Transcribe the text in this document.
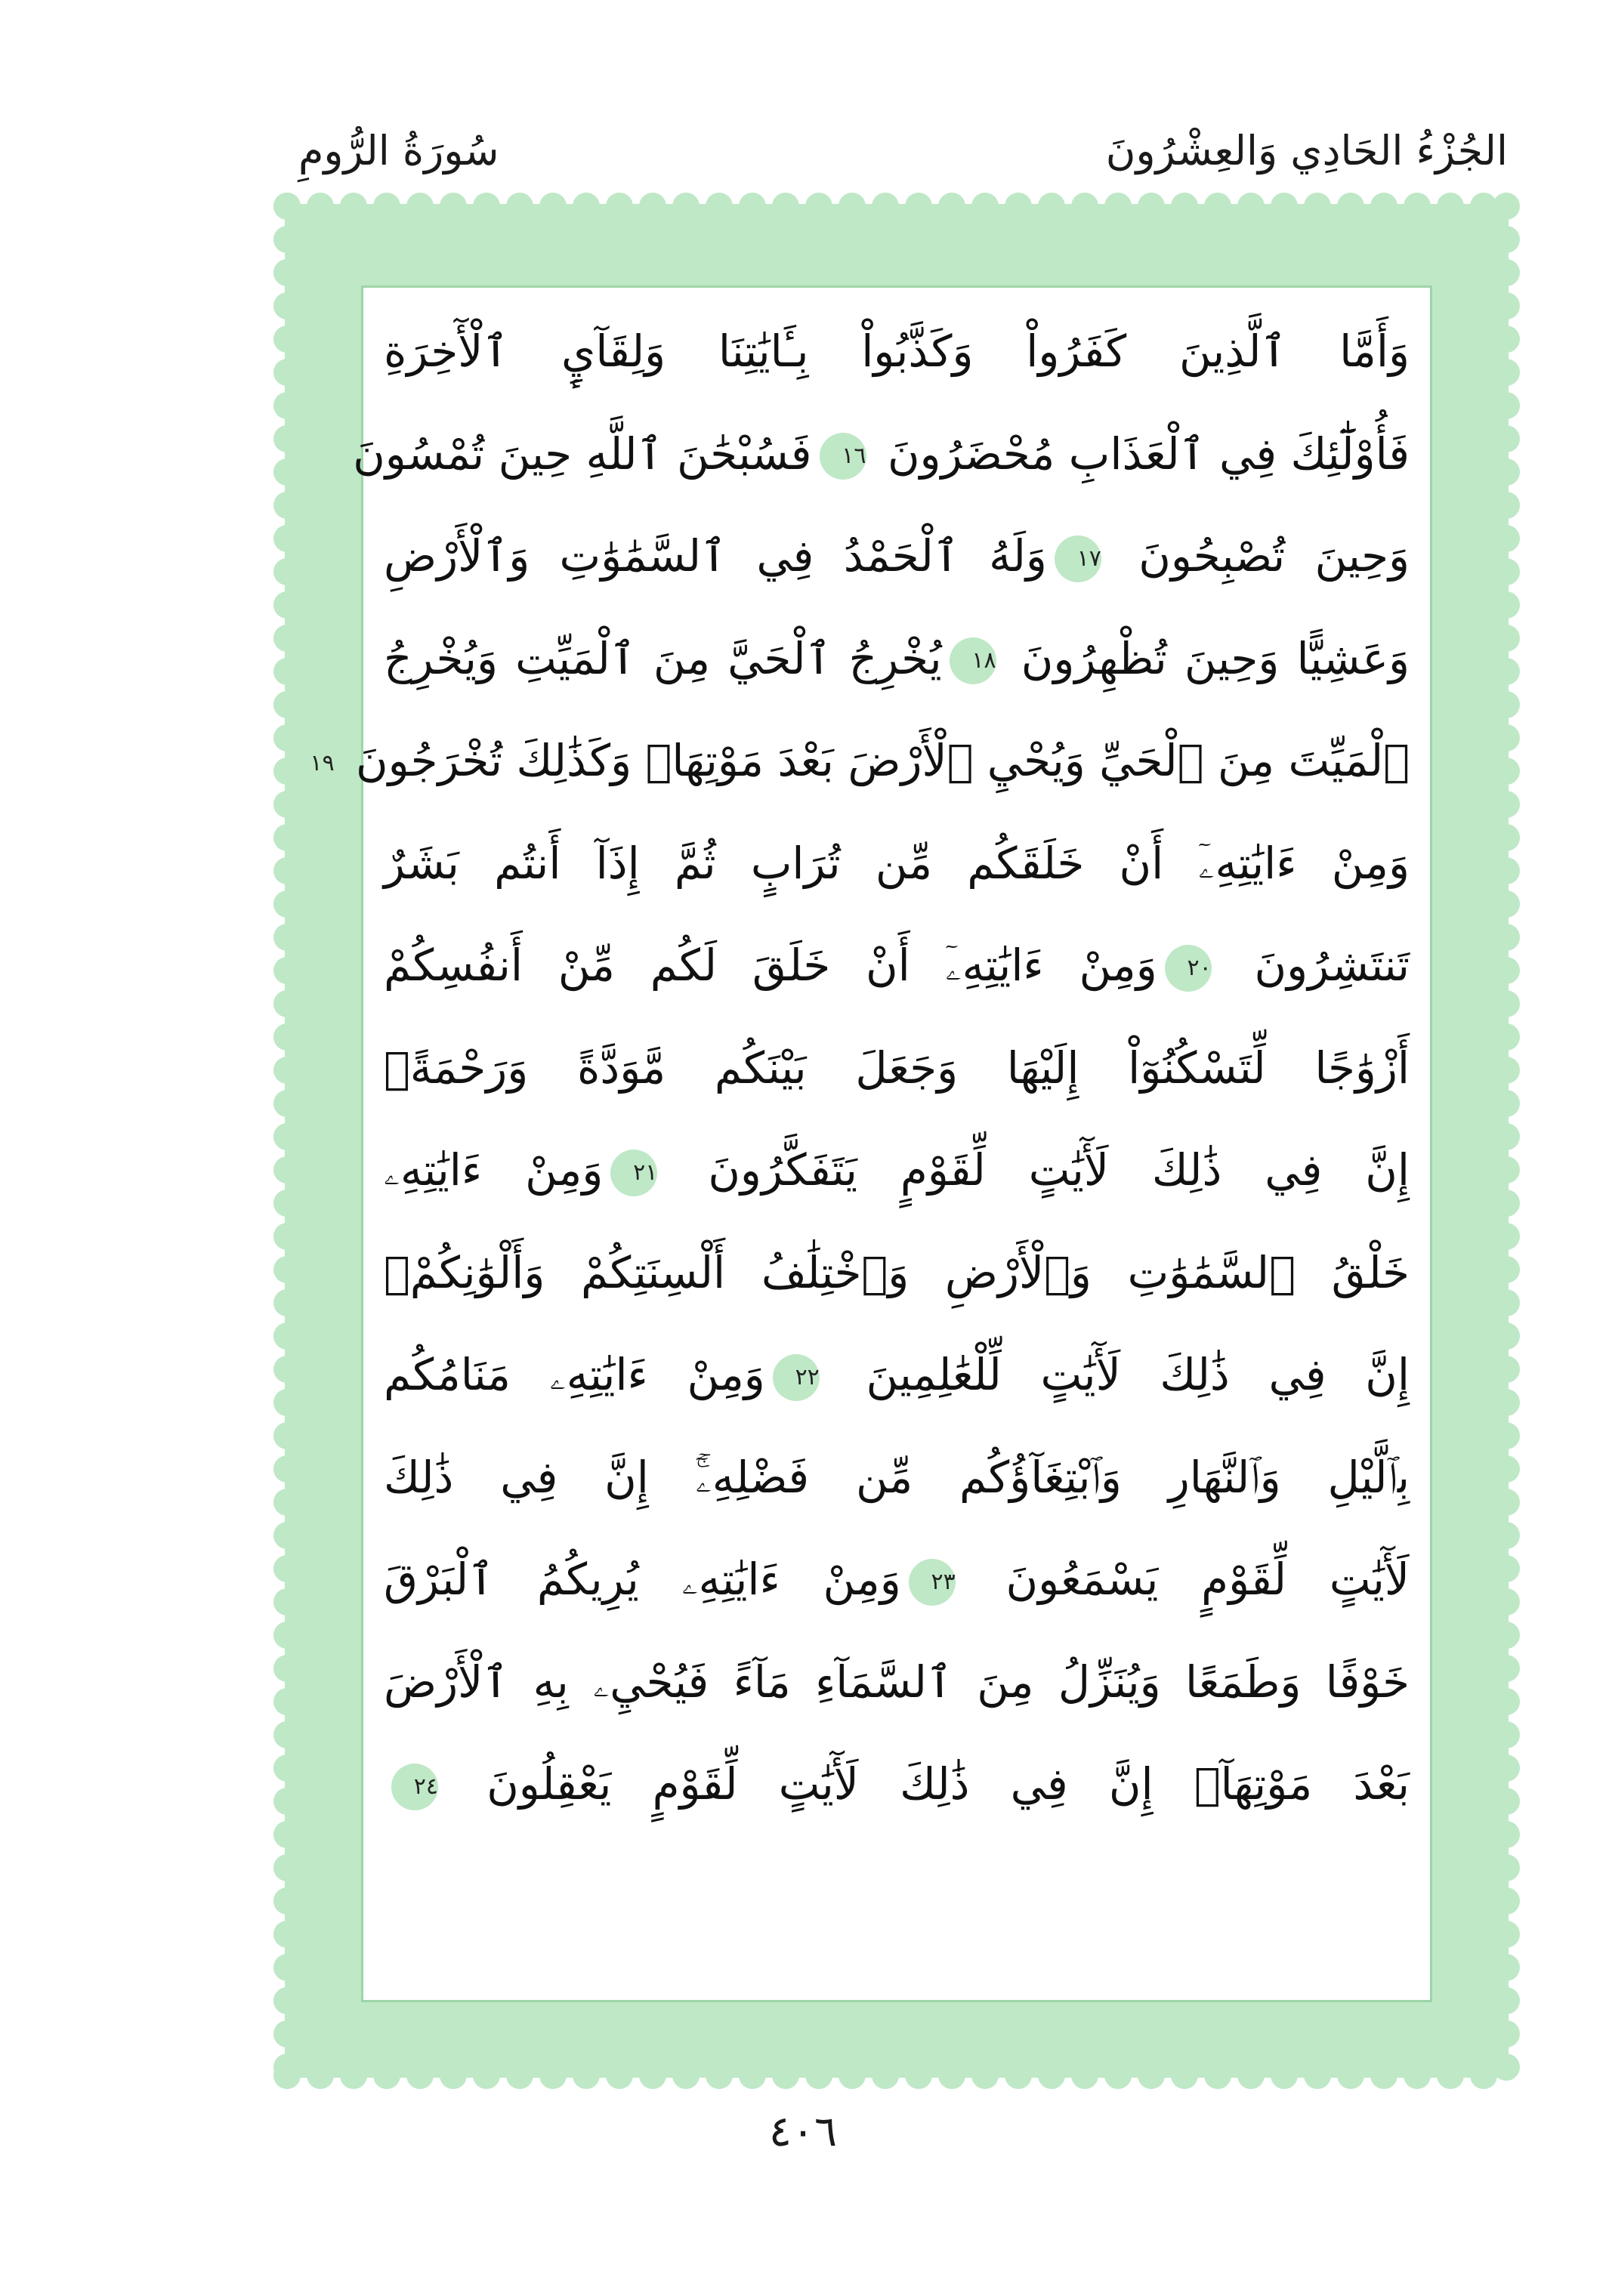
الجُزْءُ الحَادِي وَالعِشْرُونَ
سُورَةُ الرُّومِ
وَأَمَّا ٱلَّذِينَ كَفَرُواْ وَكَذَّبُواْ بِـَٔايَٰتِنَا وَلِقَآيِٕ ٱلْأٓخِرَةِ
فَأُوْلَٰٓئِكَ فِي ٱلْعَذَابِ مُحْضَرُونَ ١٦فَسُبْحَٰنَ ٱللَّهِ حِينَ تُمْسُونَ
وَحِينَ تُصْبِحُونَ ١٧وَلَهُ ٱلْحَمْدُ فِي ٱلسَّمَٰوَٰتِ وَٱلْأَرْضِ
وَعَشِيًّا وَحِينَ تُظْهِرُونَ ١٨يُخْرِجُ ٱلْحَيَّ مِنَ ٱلْمَيِّتِ وَيُخْرِجُ
ٱلْمَيِّتَ مِنَ ٱلْحَيِّ وَيُحْيِ ٱلْأَرْضَ بَعْدَ مَوْتِهَاۚ وَكَذَٰلِكَ تُخْرَجُونَ ١٩
وَمِنْ ءَايَٰتِهِۦٓ أَنْ خَلَقَكُم مِّن تُرَابٍ ثُمَّ إِذَآ أَنتُم بَشَرٌ
تَنتَشِرُونَ ٢٠وَمِنْ ءَايَٰتِهِۦٓ أَنْ خَلَقَ لَكُم مِّنْ أَنفُسِكُمْ
أَزْوَٰجًا لِّتَسْكُنُوٓاْ إِلَيْهَا وَجَعَلَ بَيْنَكُم مَّوَدَّةً وَرَحْمَةًۚ
إِنَّ فِي ذَٰلِكَ لَأٓيَٰتٍ لِّقَوْمٍ يَتَفَكَّرُونَ ٢١وَمِنْ ءَايَٰتِهِۦ
خَلْقُ ٱلسَّمَٰوَٰتِ وَٱلْأَرْضِ وَٱخْتِلَٰفُ أَلْسِنَتِكُمْ وَأَلْوَٰنِكُمْۚ
إِنَّ فِي ذَٰلِكَ لَأٓيَٰتٍ لِّلْعَٰلِمِينَ ٢٢وَمِنْ ءَايَٰتِهِۦ مَنَامُكُم
بِٱلَّيْلِ وَٱلنَّهَارِ وَٱبْتِغَآؤُكُم مِّن فَضْلِهِۦٓۚ إِنَّ فِي ذَٰلِكَ
لَأٓيَٰتٍ لِّقَوْمٍ يَسْمَعُونَ ٢٣وَمِنْ ءَايَٰتِهِۦ يُرِيكُمُ ٱلْبَرْقَ
خَوْفًا وَطَمَعًا وَيُنَزِّلُ مِنَ ٱلسَّمَآءِ مَآءً فَيُحْيِۦ بِهِ ٱلْأَرْضَ
بَعْدَ مَوْتِهَآۚ إِنَّ فِي ذَٰلِكَ لَأٓيَٰتٍ لِّقَوْمٍ يَعْقِلُونَ ٢٤
٤٠٦
